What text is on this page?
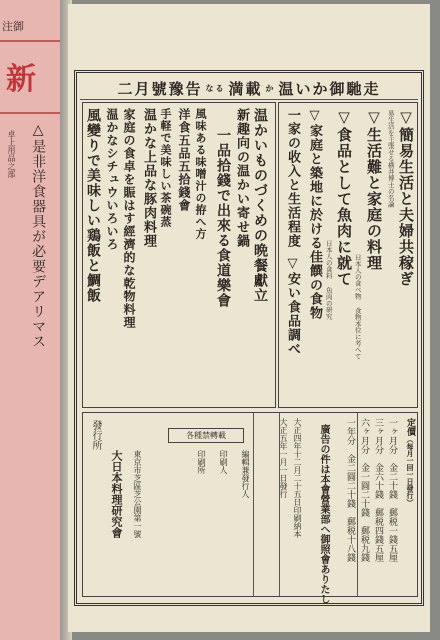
注御
新
△是非洋食器具が必要デアリマス
卓上用品之部
二月號豫告 なる 満載 か 温いか御馳走
▽簡易生活と夫婦共稼ぎ
易生活を主張せる横井博士の名論
▽生活難と家庭の料理
日本人の食べ物 食物本位に考へて
▽食品として魚肉に就て
日本人の食料 魚肉の研究
▽家庭と築地に於ける佳饌の食物
一家の收入と生活程度
▽安い食品調べ
温かいものづくめの晩餐獻立
新趣向の温かい寄せ鍋
一品拾錢で出來る食道樂會
風味ある味噌汁の拵へ方
洋食五品五拾錢會
手軽で美味しい茶碗蒸
温かな上品な豚肉料理
家庭の食卓を賑はす經濟的な乾物料理
温かなシチュウいろいろ
風變りで美味しい鶏飯と鯛飯
定價（每月一回一日發行）
一ヶ月分　金二十錢　郵税一錢五厘
三ヶ月分　金六十錢　郵税四錢五厘
六ヶ月分　金一圓二十錢　郵税九錢
一年分　金二圓二十錢　郵税十八錢
廣告の件は本會營業部へ御照會ありたし
大正四年十二月二十五日印刷納本
大正五年一月一日發行
各種禁轉載
編輯兼發行人
印刷人
印刷所
東京市芝區芝公園第一號
大日本料理研究會
發行所
